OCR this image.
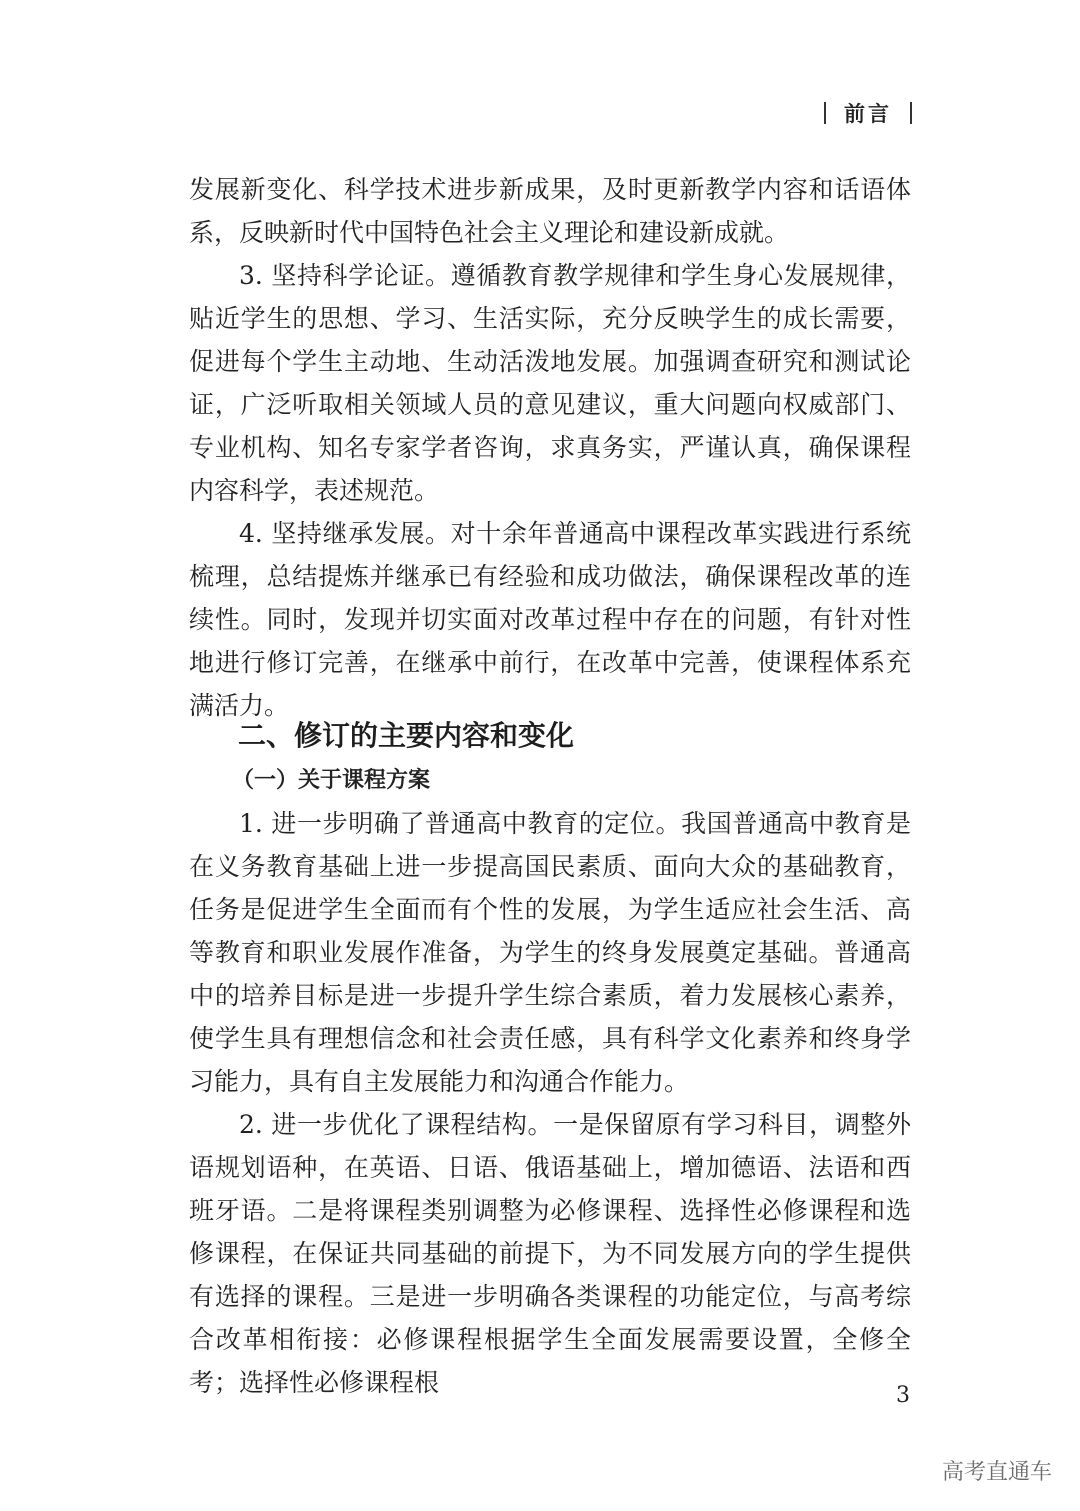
前言

发展新变化、科学技术进步新成果，及时更新教学内容和话语体系，反映新时代中国特色社会主义理论和建设新成就。

3. 坚持科学论证。遵循教育教学规律和学生身心发展规律，贴近学生的思想、学习、生活实际，充分反映学生的成长需要，促进每个学生主动地、生动活泼地发展。加强调查研究和测试论证，广泛听取相关领域人员的意见建议，重大问题向权威部门、专业机构、知名专家学者咨询，求真务实，严谨认真，确保课程内容科学，表述规范。

4. 坚持继承发展。对十余年普通高中课程改革实践进行系统梳理，总结提炼并继承已有经验和成功做法，确保课程改革的连续性。同时，发现并切实面对改革过程中存在的问题，有针对性地进行修订完善，在继承中前行，在改革中完善，使课程体系充满活力。

二、修订的主要内容和变化
（一）关于课程方案

1. 进一步明确了普通高中教育的定位。我国普通高中教育是在义务教育基础上进一步提高国民素质、面向大众的基础教育，任务是促进学生全面而有个性的发展，为学生适应社会生活、高等教育和职业发展作准备，为学生的终身发展奠定基础。普通高中的培养目标是进一步提升学生综合素质，着力发展核心素养，使学生具有理想信念和社会责任感，具有科学文化素养和终身学习能力，具有自主发展能力和沟通合作能力。

2. 进一步优化了课程结构。一是保留原有学习科目，调整外语规划语种，在英语、日语、俄语基础上，增加德语、法语和西班牙语。二是将课程类别调整为必修课程、选择性必修课程和选修课程，在保证共同基础的前提下，为不同发展方向的学生提供有选择的课程。三是进一步明确各类课程的功能定位，与高考综合改革相衔接：必修课程根据学生全面发展需要设置，全修全考；选择性必修课程根	3
高考直通车
